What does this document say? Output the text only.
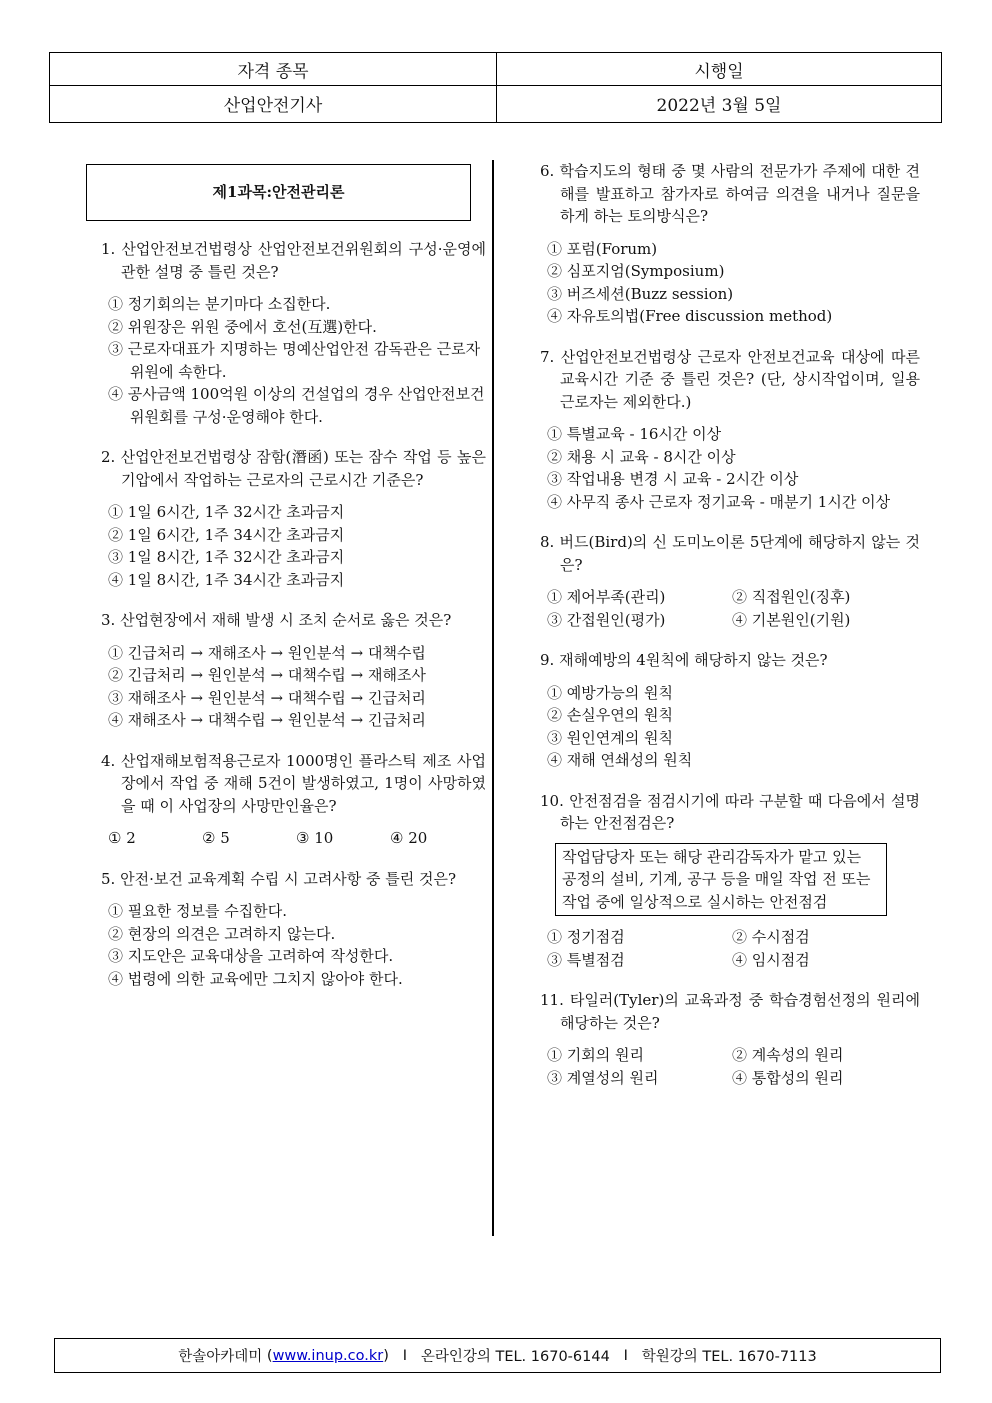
자격 종목	시행일
산업안전기사	2022년 3월 5일
제1과목:안전관리론
1. 산업안전보건법령상 산업안전보건위원회의 구성·운영에 관한 설명 중 틀린 것은?
① 정기회의는 분기마다 소집한다.
② 위원장은 위원 중에서 호선(互選)한다.
③ 근로자대표가 지명하는 명예산업안전 감독관은 근로자 위원에 속한다.
④ 공사금액 100억원 이상의 건설업의 경우 산업안전보건위원회를 구성·운영해야 한다.
2. 산업안전보건법령상 잠함(潛函) 또는 잠수 작업 등 높은 기압에서 작업하는 근로자의 근로시간 기준은?
① 1일 6시간, 1주 32시간 초과금지
② 1일 6시간, 1주 34시간 초과금지
③ 1일 8시간, 1주 32시간 초과금지
④ 1일 8시간, 1주 34시간 초과금지
3. 산업현장에서 재해 발생 시 조치 순서로 옳은 것은?
① 긴급처리 → 재해조사 → 원인분석 → 대책수립
② 긴급처리 → 원인분석 → 대책수립 → 재해조사
③ 재해조사 → 원인분석 → 대책수립 → 긴급처리
④ 재해조사 → 대책수립 → 원인분석 → 긴급처리
4. 산업재해보험적용근로자 1000명인 플라스틱 제조 사업장에서 작업 중 재해 5건이 발생하였고, 1명이 사망하였을 때 이 사업장의 사망만인율은?
① 2	② 5	③ 10	④ 20
5. 안전·보건 교육계획 수립 시 고려사항 중 틀린 것은?
① 필요한 정보를 수집한다.
② 현장의 의견은 고려하지 않는다.
③ 지도안은 교육대상을 고려하여 작성한다.
④ 법령에 의한 교육에만 그치지 않아야 한다.
6. 학습지도의 형태 중 몇 사람의 전문가가 주제에 대한 견해를 발표하고 참가자로 하여금 의견을 내거나 질문을 하게 하는 토의방식은?
① 포럼(Forum)
② 심포지엄(Symposium)
③ 버즈세션(Buzz session)
④ 자유토의법(Free discussion method)
7. 산업안전보건법령상 근로자 안전보건교육 대상에 따른 교육시간 기준 중 틀린 것은? (단, 상시작업이며, 일용근로자는 제외한다.)
① 특별교육 - 16시간 이상
② 채용 시 교육 - 8시간 이상
③ 작업내용 변경 시 교육 - 2시간 이상
④ 사무직 종사 근로자 정기교육 - 매분기 1시간 이상
8. 버드(Bird)의 신 도미노이론 5단계에 해당하지 않는 것은?
① 제어부족(관리)	② 직접원인(징후)
③ 간접원인(평가)	④ 기본원인(기원)
9. 재해예방의 4원칙에 해당하지 않는 것은?
① 예방가능의 원칙
② 손실우연의 원칙
③ 원인연계의 원칙
④ 재해 연쇄성의 원칙
10. 안전점검을 점검시기에 따라 구분할 때 다음에서 설명하는 안전점검은?
작업담당자 또는 해당 관리감독자가 맡고 있는 공정의 설비, 기계, 공구 등을 매일 작업 전 또는 작업 중에 일상적으로 실시하는 안전점검
① 정기점검	② 수시점검
③ 특별점검	④ 임시점검
11. 타일러(Tyler)의 교육과정 중 학습경험선정의 원리에 해당하는 것은?
① 기회의 원리	② 계속성의 원리
③ 계열성의 원리	④ 통합성의 원리
한솔아카데미 ( www.inup.co.kr )   I 온라인강의 TEL. 1670-6144 I 학원강의 TEL. 1670-7113
